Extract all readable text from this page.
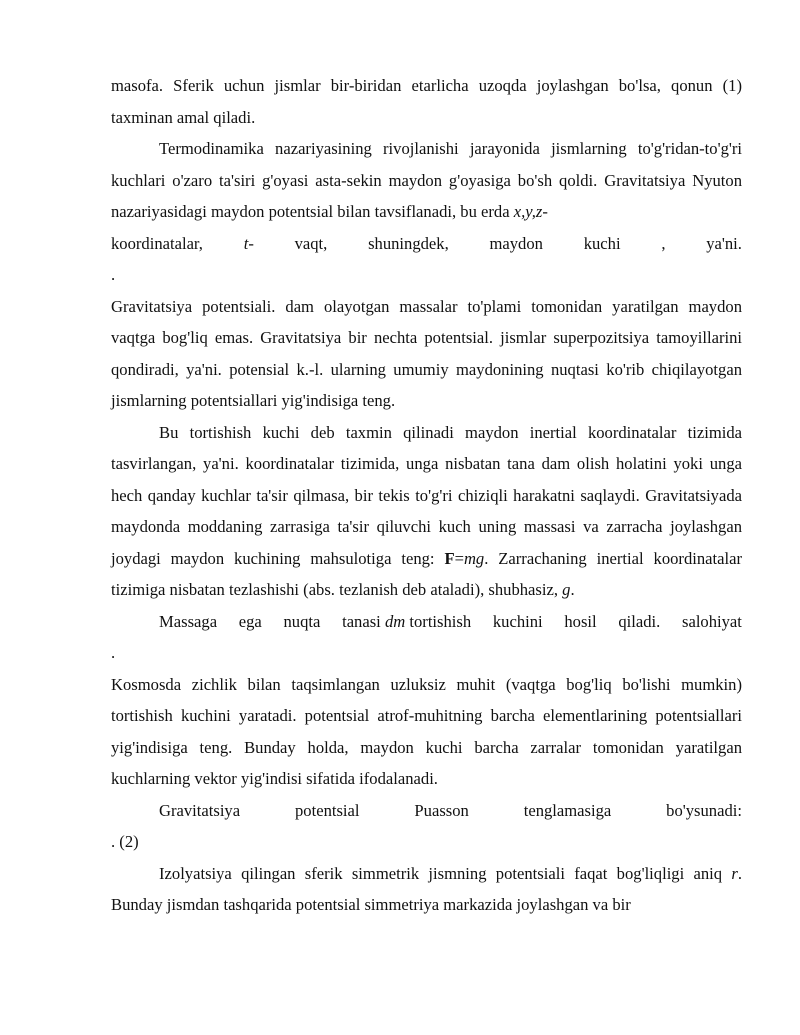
masofa. Sferik uchun jismlar bir-biridan etarlicha uzoqda joylashgan bo'lsa, qonun (1) taxminan amal qiladi.

Termodinamika nazariyasining rivojlanishi jarayonida jismlarning to'g'ridan-to'g'ri kuchlari o'zaro ta'siri g'oyasi asta-sekin maydon g'oyasiga bo'sh qoldi. Gravitatsiya Nyuton nazariyasidagi maydon potentsial bilan tavsiflanadi, bu erda x,y,z-

koordinatalar, t- vaqt, shuningdek, maydon kuchi , ya'ni.
.

Gravitatsiya potentsiali. dam olayotgan massalar to'plami tomonidan yaratilgan maydon vaqtga bog'liq emas. Gravitatsiya bir nechta potentsial. jismlar superpozitsiya tamoyillarini qondiradi, ya'ni. potensial k.-l. ularning umumiy maydonining nuqtasi ko'rib chiqilayotgan jismlarning potentsiallari yig'indisiga teng.

Bu tortishish kuchi deb taxmin qilinadi maydon inertial koordinatalar tizimida tasvirlangan, ya'ni. koordinatalar tizimida, unga nisbatan tana dam olish holatini yoki unga hech qanday kuchlar ta'sir qilmasa, bir tekis to'g'ri chiziqli harakatni saqlaydi. Gravitatsiyada maydonda moddaning zarrasiga ta'sir qiluvchi kuch uning massasi va zarracha joylashgan joydagi maydon kuchining mahsulotiga teng: F=mg. Zarrachaning inertial koordinatalar tizimiga nisbatan tezlashishi (abs. tezlanish deb ataladi), shubhasiz, g.

Massaga ega nuqta tanasi dm tortishish kuchini hosil qiladi. salohiyat
.

Kosmosda zichlik bilan taqsimlangan uzluksiz muhit (vaqtga bog'liq bo'lishi mumkin) tortishish kuchini yaratadi. potentsial atrof-muhitning barcha elementlarining potentsiallari yig'indisiga teng. Bunday holda, maydon kuchi barcha zarralar tomonidan yaratilgan kuchlarning vektor yig'indisi sifatida ifodalanadi.

Gravitatsiya	potentsial	Puasson	tenglamasiga	bo'ysunadi:
. (2)

Izolyatsiya qilingan sferik simmetrik jismning potentsiali faqat bog'liqligi aniq r. Bunday jismdan tashqarida potentsial simmetriya markazida joylashgan va bir
